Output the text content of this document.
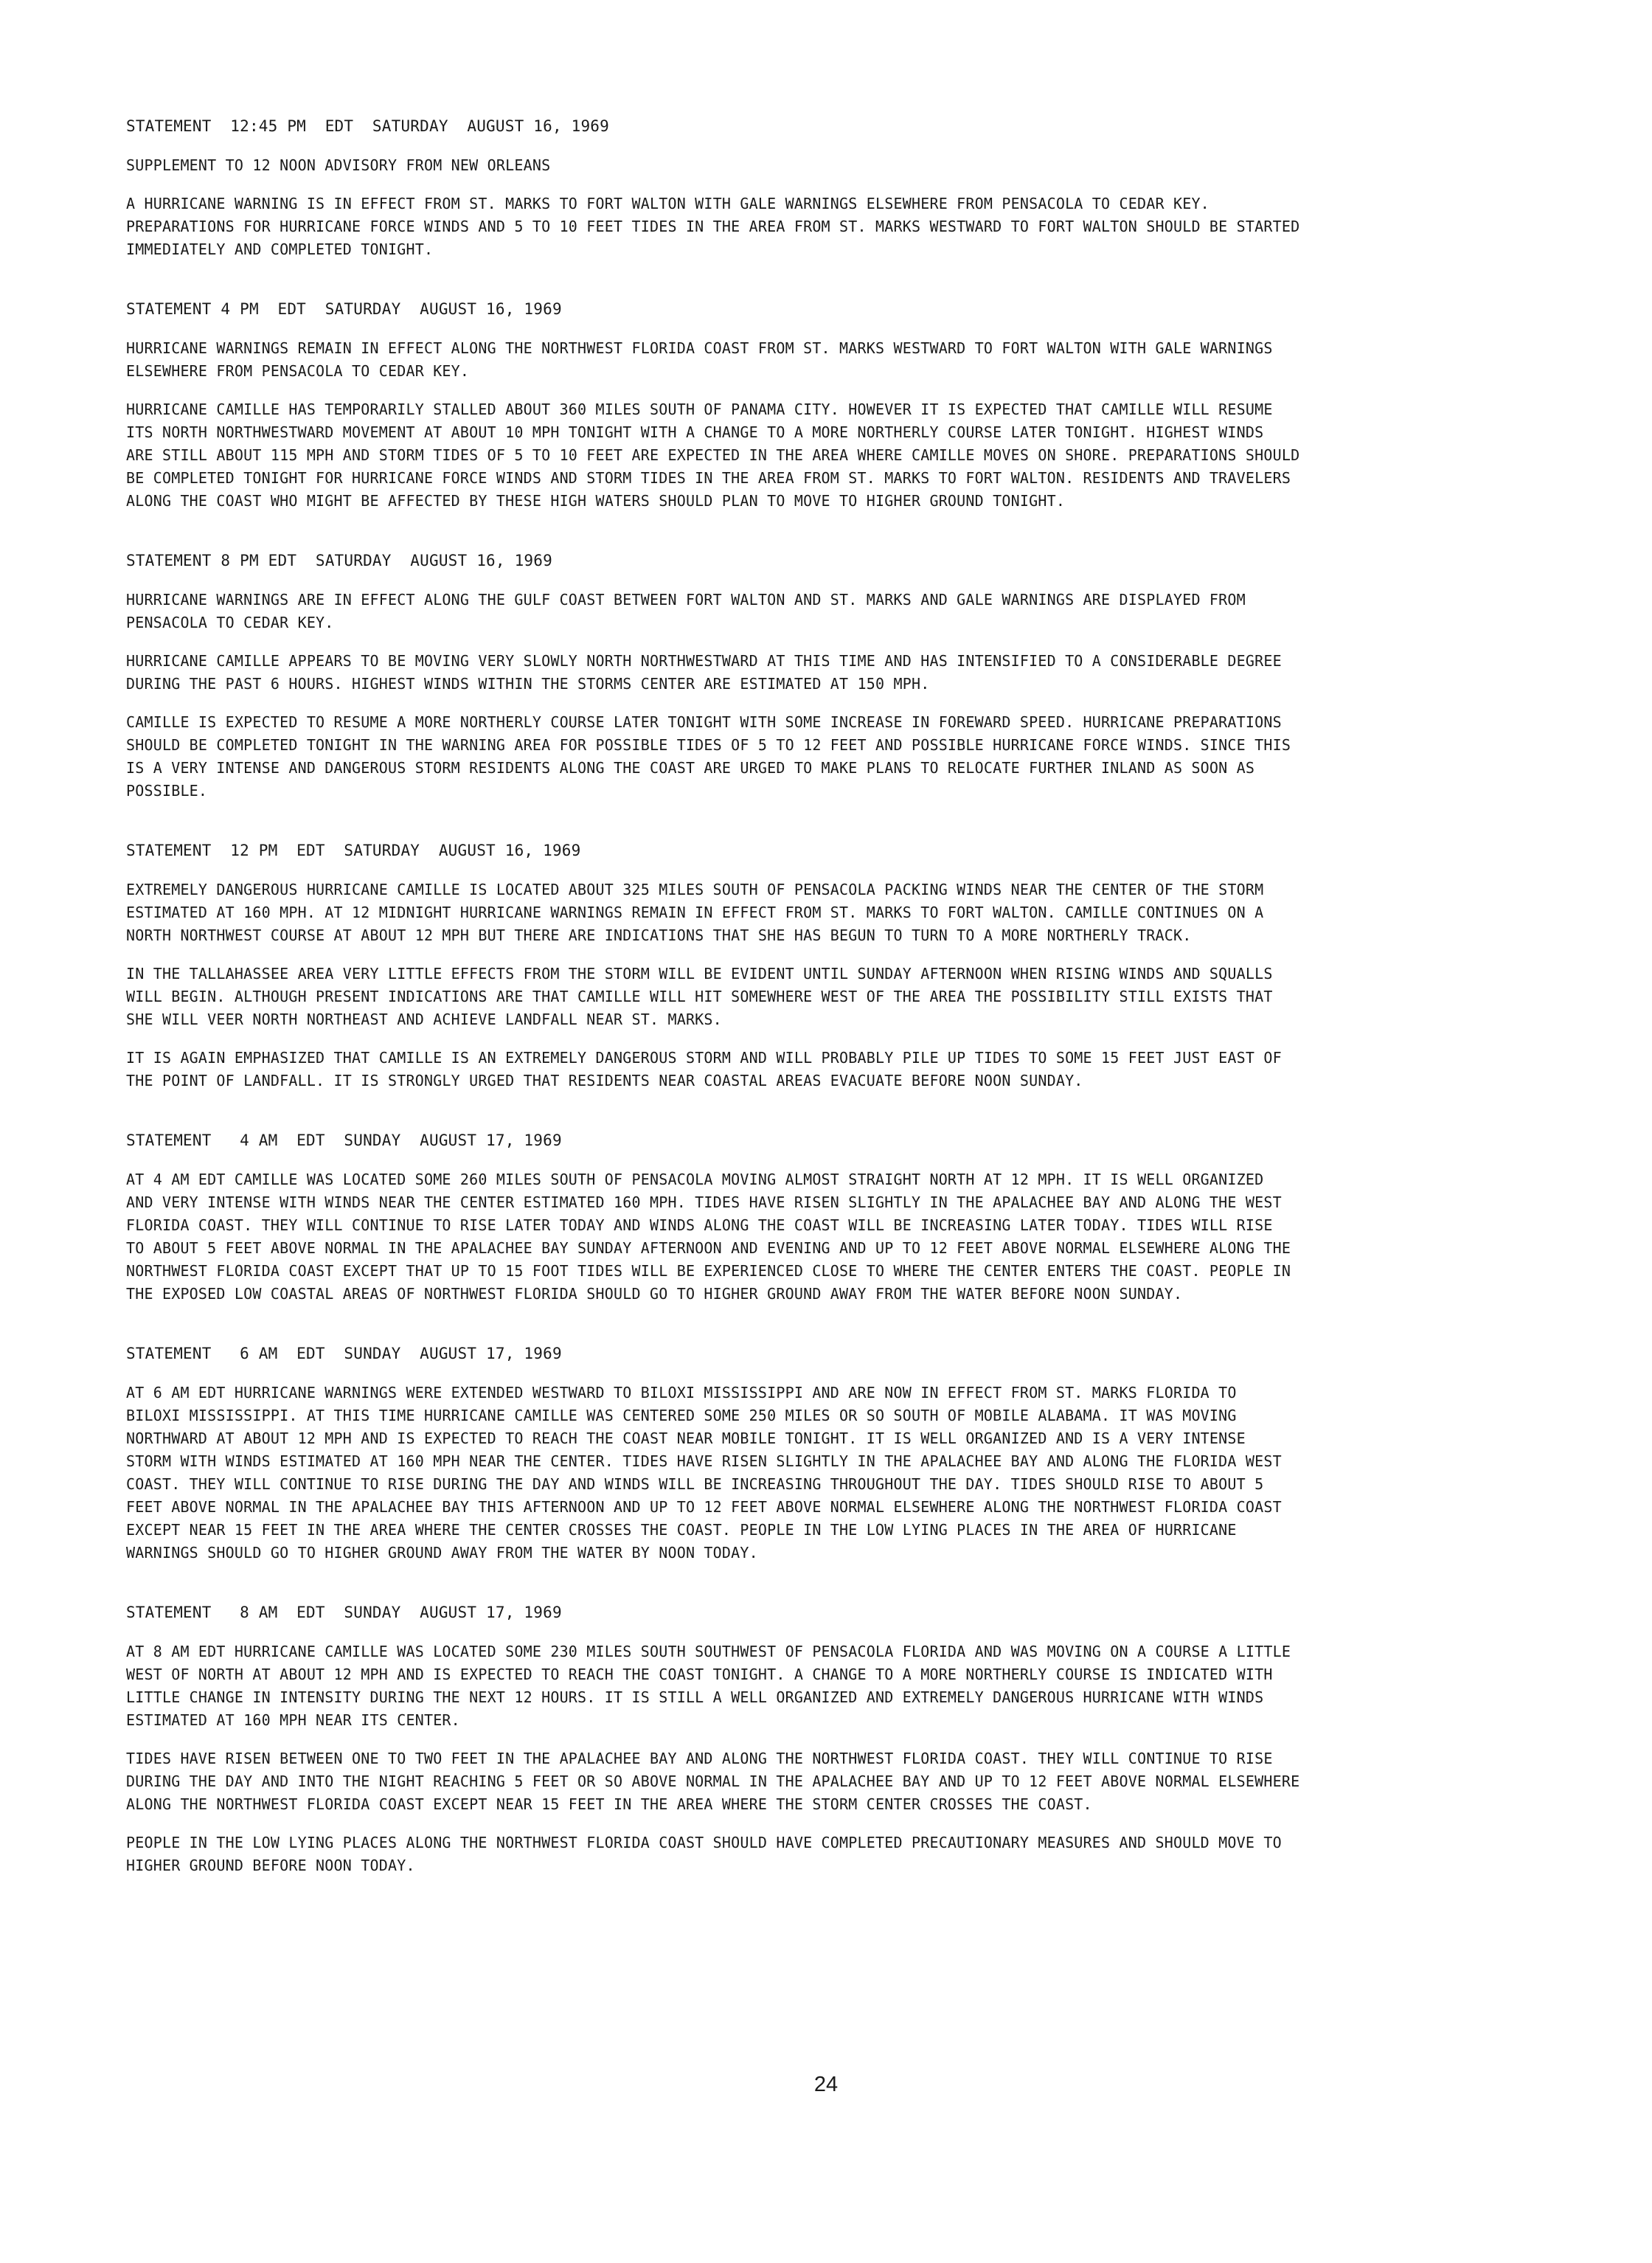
STATEMENT  12:45 PM  EDT  SATURDAY  AUGUST 16, 1969
SUPPLEMENT TO 12 NOON ADVISORY FROM NEW ORLEANS
A HURRICANE WARNING IS IN EFFECT FROM ST. MARKS TO FORT WALTON WITH GALE WARNINGS ELSEWHERE FROM PENSACOLA TO CEDAR KEY.
PREPARATIONS FOR HURRICANE FORCE WINDS AND 5 TO 10 FEET TIDES IN THE AREA FROM ST. MARKS WESTWARD TO FORT WALTON SHOULD BE STARTED
IMMEDIATELY AND COMPLETED TONIGHT.
STATEMENT 4 PM  EDT  SATURDAY  AUGUST 16, 1969
HURRICANE WARNINGS REMAIN IN EFFECT ALONG THE NORTHWEST FLORIDA COAST FROM ST. MARKS WESTWARD TO FORT WALTON WITH GALE WARNINGS
ELSEWHERE FROM PENSACOLA TO CEDAR KEY.
HURRICANE CAMILLE HAS TEMPORARILY STALLED ABOUT 360 MILES SOUTH OF PANAMA CITY. HOWEVER IT IS EXPECTED THAT CAMILLE WILL RESUME
ITS NORTH NORTHWESTWARD MOVEMENT AT ABOUT 10 MPH TONIGHT WITH A CHANGE TO A MORE NORTHERLY COURSE LATER TONIGHT. HIGHEST WINDS
ARE STILL ABOUT 115 MPH AND STORM TIDES OF 5 TO 10 FEET ARE EXPECTED IN THE AREA WHERE CAMILLE MOVES ON SHORE. PREPARATIONS SHOULD
BE COMPLETED TONIGHT FOR HURRICANE FORCE WINDS AND STORM TIDES IN THE AREA FROM ST. MARKS TO FORT WALTON. RESIDENTS AND TRAVELERS
ALONG THE COAST WHO MIGHT BE AFFECTED BY THESE HIGH WATERS SHOULD PLAN TO MOVE TO HIGHER GROUND TONIGHT.
STATEMENT 8 PM EDT  SATURDAY  AUGUST 16, 1969
HURRICANE WARNINGS ARE IN EFFECT ALONG THE GULF COAST BETWEEN FORT WALTON AND ST. MARKS AND GALE WARNINGS ARE DISPLAYED FROM
PENSACOLA TO CEDAR KEY.
HURRICANE CAMILLE APPEARS TO BE MOVING VERY SLOWLY NORTH NORTHWESTWARD AT THIS TIME AND HAS INTENSIFIED TO A CONSIDERABLE DEGREE
DURING THE PAST 6 HOURS. HIGHEST WINDS WITHIN THE STORMS CENTER ARE ESTIMATED AT 150 MPH.
CAMILLE IS EXPECTED TO RESUME A MORE NORTHERLY COURSE LATER TONIGHT WITH SOME INCREASE IN FOREWARD SPEED. HURRICANE PREPARATIONS
SHOULD BE COMPLETED TONIGHT IN THE WARNING AREA FOR POSSIBLE TIDES OF 5 TO 12 FEET AND POSSIBLE HURRICANE FORCE WINDS. SINCE THIS
IS A VERY INTENSE AND DANGEROUS STORM RESIDENTS ALONG THE COAST ARE URGED TO MAKE PLANS TO RELOCATE FURTHER INLAND AS SOON AS
POSSIBLE.
STATEMENT  12 PM  EDT  SATURDAY  AUGUST 16, 1969
EXTREMELY DANGEROUS HURRICANE CAMILLE IS LOCATED ABOUT 325 MILES SOUTH OF PENSACOLA PACKING WINDS NEAR THE CENTER OF THE STORM
ESTIMATED AT 160 MPH. AT 12 MIDNIGHT HURRICANE WARNINGS REMAIN IN EFFECT FROM ST. MARKS TO FORT WALTON. CAMILLE CONTINUES ON A
NORTH NORTHWEST COURSE AT ABOUT 12 MPH BUT THERE ARE INDICATIONS THAT SHE HAS BEGUN TO TURN TO A MORE NORTHERLY TRACK.
IN THE TALLAHASSEE AREA VERY LITTLE EFFECTS FROM THE STORM WILL BE EVIDENT UNTIL SUNDAY AFTERNOON WHEN RISING WINDS AND SQUALLS
WILL BEGIN. ALTHOUGH PRESENT INDICATIONS ARE THAT CAMILLE WILL HIT SOMEWHERE WEST OF THE AREA THE POSSIBILITY STILL EXISTS THAT
SHE WILL VEER NORTH NORTHEAST AND ACHIEVE LANDFALL NEAR ST. MARKS.
IT IS AGAIN EMPHASIZED THAT CAMILLE IS AN EXTREMELY DANGEROUS STORM AND WILL PROBABLY PILE UP TIDES TO SOME 15 FEET JUST EAST OF
THE POINT OF LANDFALL. IT IS STRONGLY URGED THAT RESIDENTS NEAR COASTAL AREAS EVACUATE BEFORE NOON SUNDAY.
STATEMENT   4 AM  EDT  SUNDAY  AUGUST 17, 1969
AT 4 AM EDT CAMILLE WAS LOCATED SOME 260 MILES SOUTH OF PENSACOLA MOVING ALMOST STRAIGHT NORTH AT 12 MPH. IT IS WELL ORGANIZED
AND VERY INTENSE WITH WINDS NEAR THE CENTER ESTIMATED 160 MPH. TIDES HAVE RISEN SLIGHTLY IN THE APALACHEE BAY AND ALONG THE WEST
FLORIDA COAST. THEY WILL CONTINUE TO RISE LATER TODAY AND WINDS ALONG THE COAST WILL BE INCREASING LATER TODAY. TIDES WILL RISE
TO ABOUT 5 FEET ABOVE NORMAL IN THE APALACHEE BAY SUNDAY AFTERNOON AND EVENING AND UP TO 12 FEET ABOVE NORMAL ELSEWHERE ALONG THE
NORTHWEST FLORIDA COAST EXCEPT THAT UP TO 15 FOOT TIDES WILL BE EXPERIENCED CLOSE TO WHERE THE CENTER ENTERS THE COAST. PEOPLE IN
THE EXPOSED LOW COASTAL AREAS OF NORTHWEST FLORIDA SHOULD GO TO HIGHER GROUND AWAY FROM THE WATER BEFORE NOON SUNDAY.
STATEMENT   6 AM  EDT  SUNDAY  AUGUST 17, 1969
AT 6 AM EDT HURRICANE WARNINGS WERE EXTENDED WESTWARD TO BILOXI MISSISSIPPI AND ARE NOW IN EFFECT FROM ST. MARKS FLORIDA TO
BILOXI MISSISSIPPI. AT THIS TIME HURRICANE CAMILLE WAS CENTERED SOME 250 MILES OR SO SOUTH OF MOBILE ALABAMA. IT WAS MOVING
NORTHWARD AT ABOUT 12 MPH AND IS EXPECTED TO REACH THE COAST NEAR MOBILE TONIGHT. IT IS WELL ORGANIZED AND IS A VERY INTENSE
STORM WITH WINDS ESTIMATED AT 160 MPH NEAR THE CENTER. TIDES HAVE RISEN SLIGHTLY IN THE APALACHEE BAY AND ALONG THE FLORIDA WEST
COAST. THEY WILL CONTINUE TO RISE DURING THE DAY AND WINDS WILL BE INCREASING THROUGHOUT THE DAY. TIDES SHOULD RISE TO ABOUT 5
FEET ABOVE NORMAL IN THE APALACHEE BAY THIS AFTERNOON AND UP TO 12 FEET ABOVE NORMAL ELSEWHERE ALONG THE NORTHWEST FLORIDA COAST
EXCEPT NEAR 15 FEET IN THE AREA WHERE THE CENTER CROSSES THE COAST. PEOPLE IN THE LOW LYING PLACES IN THE AREA OF HURRICANE
WARNINGS SHOULD GO TO HIGHER GROUND AWAY FROM THE WATER BY NOON TODAY.
STATEMENT   8 AM  EDT  SUNDAY  AUGUST 17, 1969
AT 8 AM EDT HURRICANE CAMILLE WAS LOCATED SOME 230 MILES SOUTH SOUTHWEST OF PENSACOLA FLORIDA AND WAS MOVING ON A COURSE A LITTLE
WEST OF NORTH AT ABOUT 12 MPH AND IS EXPECTED TO REACH THE COAST TONIGHT. A CHANGE TO A MORE NORTHERLY COURSE IS INDICATED WITH
LITTLE CHANGE IN INTENSITY DURING THE NEXT 12 HOURS. IT IS STILL A WELL ORGANIZED AND EXTREMELY DANGEROUS HURRICANE WITH WINDS
ESTIMATED AT 160 MPH NEAR ITS CENTER.
TIDES HAVE RISEN BETWEEN ONE TO TWO FEET IN THE APALACHEE BAY AND ALONG THE NORTHWEST FLORIDA COAST. THEY WILL CONTINUE TO RISE
DURING THE DAY AND INTO THE NIGHT REACHING 5 FEET OR SO ABOVE NORMAL IN THE APALACHEE BAY AND UP TO 12 FEET ABOVE NORMAL ELSEWHERE
ALONG THE NORTHWEST FLORIDA COAST EXCEPT NEAR 15 FEET IN THE AREA WHERE THE STORM CENTER CROSSES THE COAST.
PEOPLE IN THE LOW LYING PLACES ALONG THE NORTHWEST FLORIDA COAST SHOULD HAVE COMPLETED PRECAUTIONARY MEASURES AND SHOULD MOVE TO
HIGHER GROUND BEFORE NOON TODAY.
24
